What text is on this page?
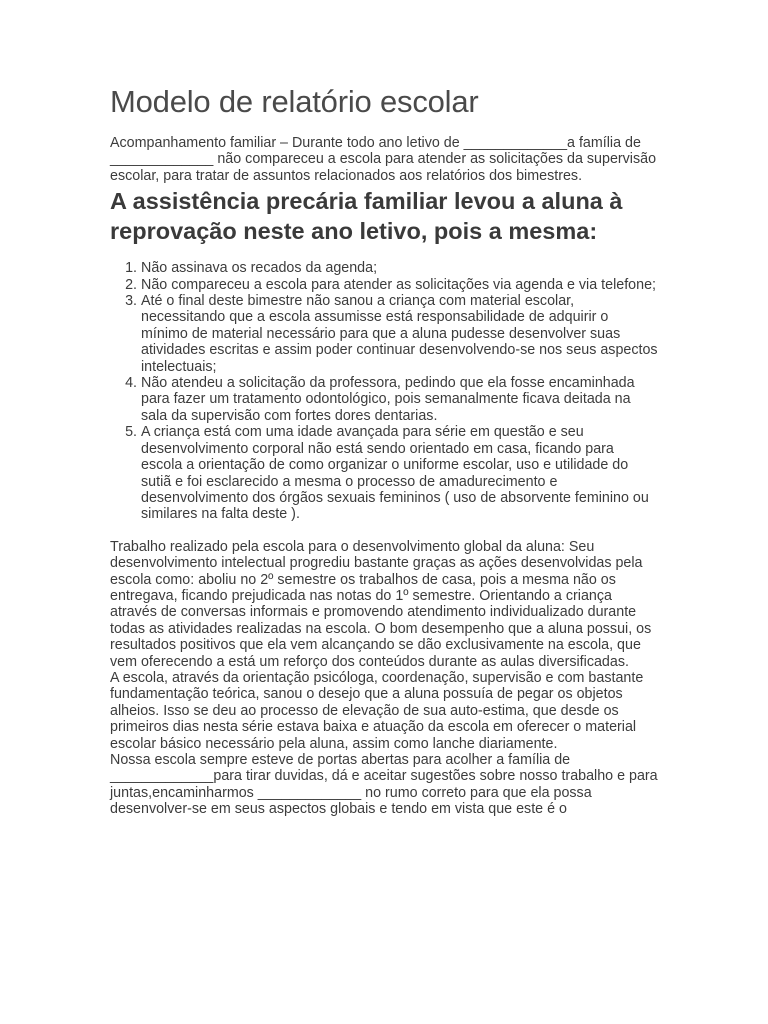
Modelo de relatório escolar

Acompanhamento familiar – Durante todo ano letivo de _____________a família de _____________ não compareceu a escola para atender as solicitações da supervisão escolar, para tratar de assuntos relacionados aos relatórios dos bimestres.

A assistência precária familiar levou a aluna à reprovação neste ano letivo, pois a mesma:
1. Não assinava os recados da agenda;
2. Não compareceu a escola para atender as solicitações via agenda e via telefone;
3. Até o final deste bimestre não sanou a criança com material escolar, necessitando que a escola assumisse está responsabilidade de adquirir o mínimo de material necessário para que a aluna pudesse desenvolver suas atividades escritas e assim poder continuar desenvolvendo-se nos seus aspectos intelectuais;
4. Não atendeu a solicitação da professora, pedindo que ela fosse encaminhada para fazer um tratamento odontológico, pois semanalmente ficava deitada na sala da supervisão com fortes dores dentarias.
5. A criança está com uma idade avançada para série em questão e seu desenvolvimento corporal não está sendo orientado em casa, ficando para escola a orientação de como organizar o uniforme escolar, uso e utilidade do sutiã e foi esclarecido a mesma o processo de amadurecimento e desenvolvimento dos órgãos sexuais femininos ( uso de absorvente feminino ou similares na falta deste ).

Trabalho realizado pela escola para o desenvolvimento global da aluna: Seu desenvolvimento intelectual progrediu bastante graças as ações desenvolvidas pela escola como: aboliu no 2º semestre os trabalhos de casa, pois a mesma não os entregava, ficando prejudicada nas notas do 1º semestre. Orientando a criança através de conversas informais e promovendo atendimento individualizado durante todas as atividades realizadas na escola. O bom desempenho que a aluna possui, os resultados positivos que ela vem alcançando se dão exclusivamente na escola, que vem oferecendo a está um reforço dos conteúdos durante as aulas diversificadas.

A escola, através da orientação psicóloga, coordenação, supervisão e com bastante fundamentação teórica, sanou o desejo que a aluna possuía de pegar os objetos alheios. Isso se deu ao processo de elevação de sua auto-estima, que desde os primeiros dias nesta série estava baixa e atuação da escola em oferecer o material escolar básico necessário pela aluna, assim como lanche diariamente.

Nossa escola sempre esteve de portas abertas para acolher a família de _____________para tirar duvidas, dá e aceitar sugestões sobre nosso trabalho e para juntas,encaminharmos _____________ no rumo correto para que ela possa desenvolver-se em seus aspectos globais e tendo em vista que este é o
